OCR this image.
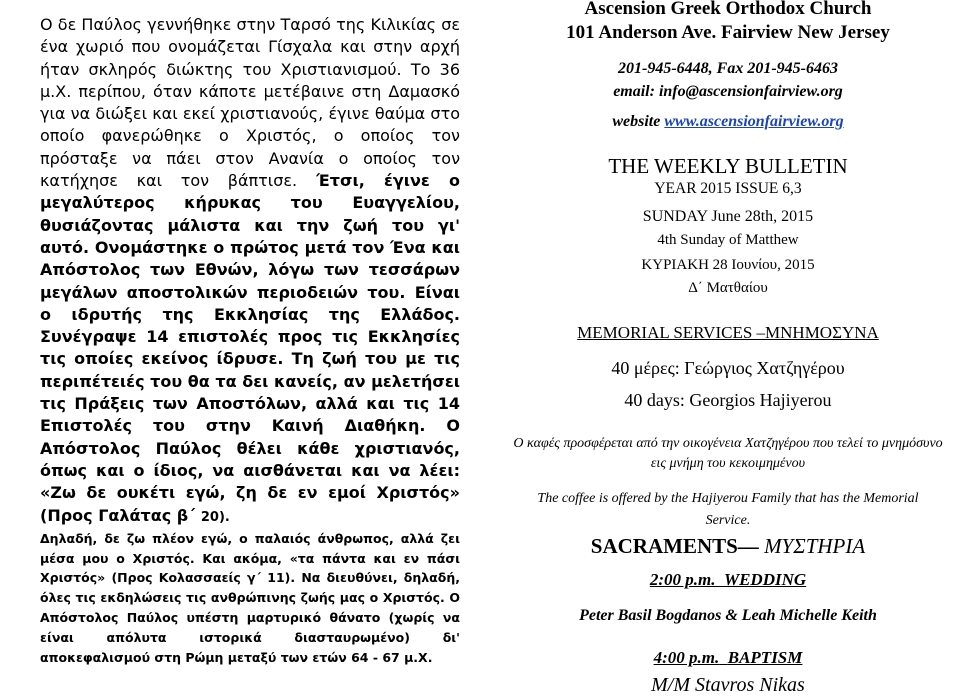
Ο δε Παύλος γεννήθηκε στην Ταρσό της Κιλικίας σε ένα χωριό που ονομάζεται Γίσχαλα και στην αρχή ήταν σκληρός διώκτης του Χριστιανισμού. Το 36 μ.Χ. περίπου, όταν κάποτε μετέβαινε στη Δαμασκό για να διώξει και εκεί χριστιανούς, έγινε θαύμα στο οποίο φανερώθηκε ο Χριστός, ο οποίος τον πρόσταξε να πάει στον Ανανία ο οποίος τον κατήχησε και τον βάπτισε. Έτσι, έγινε ο μεγαλύτερος κήρυκας του Ευαγγελίου, θυσιάζοντας μάλιστα και την ζωή του γι' αυτό. Ονομάστηκε ο πρώτος μετά τον Ένα και Απόστολος των Εθνών, λόγω των τεσσάρων μεγάλων αποστολικών περιοδειών του. Είναι ο ιδρυτής της Εκκλησίας της Ελλάδος. Συνέγραψε 14 επιστολές προς τις Εκκλησίες τις οποίες εκείνος ίδρυσε. Τη ζωή του με τις περιπέτειές του θα τα δει κανείς, αν μελετήσει τις Πράξεις των Αποστόλων, αλλά και τις 14 Επιστολές του στην Καινή Διαθήκη. Ο Απόστολος Παύλος θέλει κάθε χριστιανός, όπως και ο ίδιος, να αισθάνεται και να λέει: «Ζω δε ουκέτι εγώ, ζη δε εν εμοί Χριστός» (Προς Γαλάτας β΄ 20).

Δηλαδή, δε ζω πλέον εγώ, ο παλαιός άνθρωπος, αλλά ζει μέσα μου ο Χριστός. Και ακόμα, «τα πάντα και εν πάσι Χριστός» (Προς Κολασσαείς γ΄ 11). Να διευθύνει, δηλαδή, όλες τις εκδηλώσεις τις ανθρώπινης ζωής μας ο Χριστός. Ο Απόστολος Παύλος υπέστη μαρτυρικό θάνατο (χωρίς να είναι απόλυτα ιστορικά διασταυρωμένο) δι' αποκεφαλισμού στη Ρώμη μεταξύ των ετών 64 - 67 μ.Χ.

Ascension Greek Orthodox Church
101 Anderson Ave. Fairview New Jersey
201-945-6448, Fax 201-945-6463
email: info@ascensionfairview.org
website www.ascensionfairview.org
THE WEEKLY BULLETIN
YEAR 2015 ISSUE 6,3
SUNDAY June 28th, 2015
4th Sunday of Matthew
ΚΥΡΙΑΚΗ 28 Ιουνίου, 2015
Δ΄ Ματθαίου
MEMORIAL SERVICES –ΜΝΗΜΟΣΥΝΑ
40 μέρες: Γεώργιος Χατζηγέρου
40 days: Georgios Hajiyerou
Ο καφές προσφέρεται από την οικογένεια Χατζηγέρου που τελεί το μνημόσυνο εις μνήμη του κεκοιμημένου
The coffee is offered by the Hajiyerou Family that has the Memorial Service.
SACRAMENTS— ΜΥΣΤΗΡΙΑ
2:00 p.m. WEDDING
Peter Basil Bogdanos & Leah Michelle Keith
4:00 p.m. BAPTISM
M/M Stavros Nikas
